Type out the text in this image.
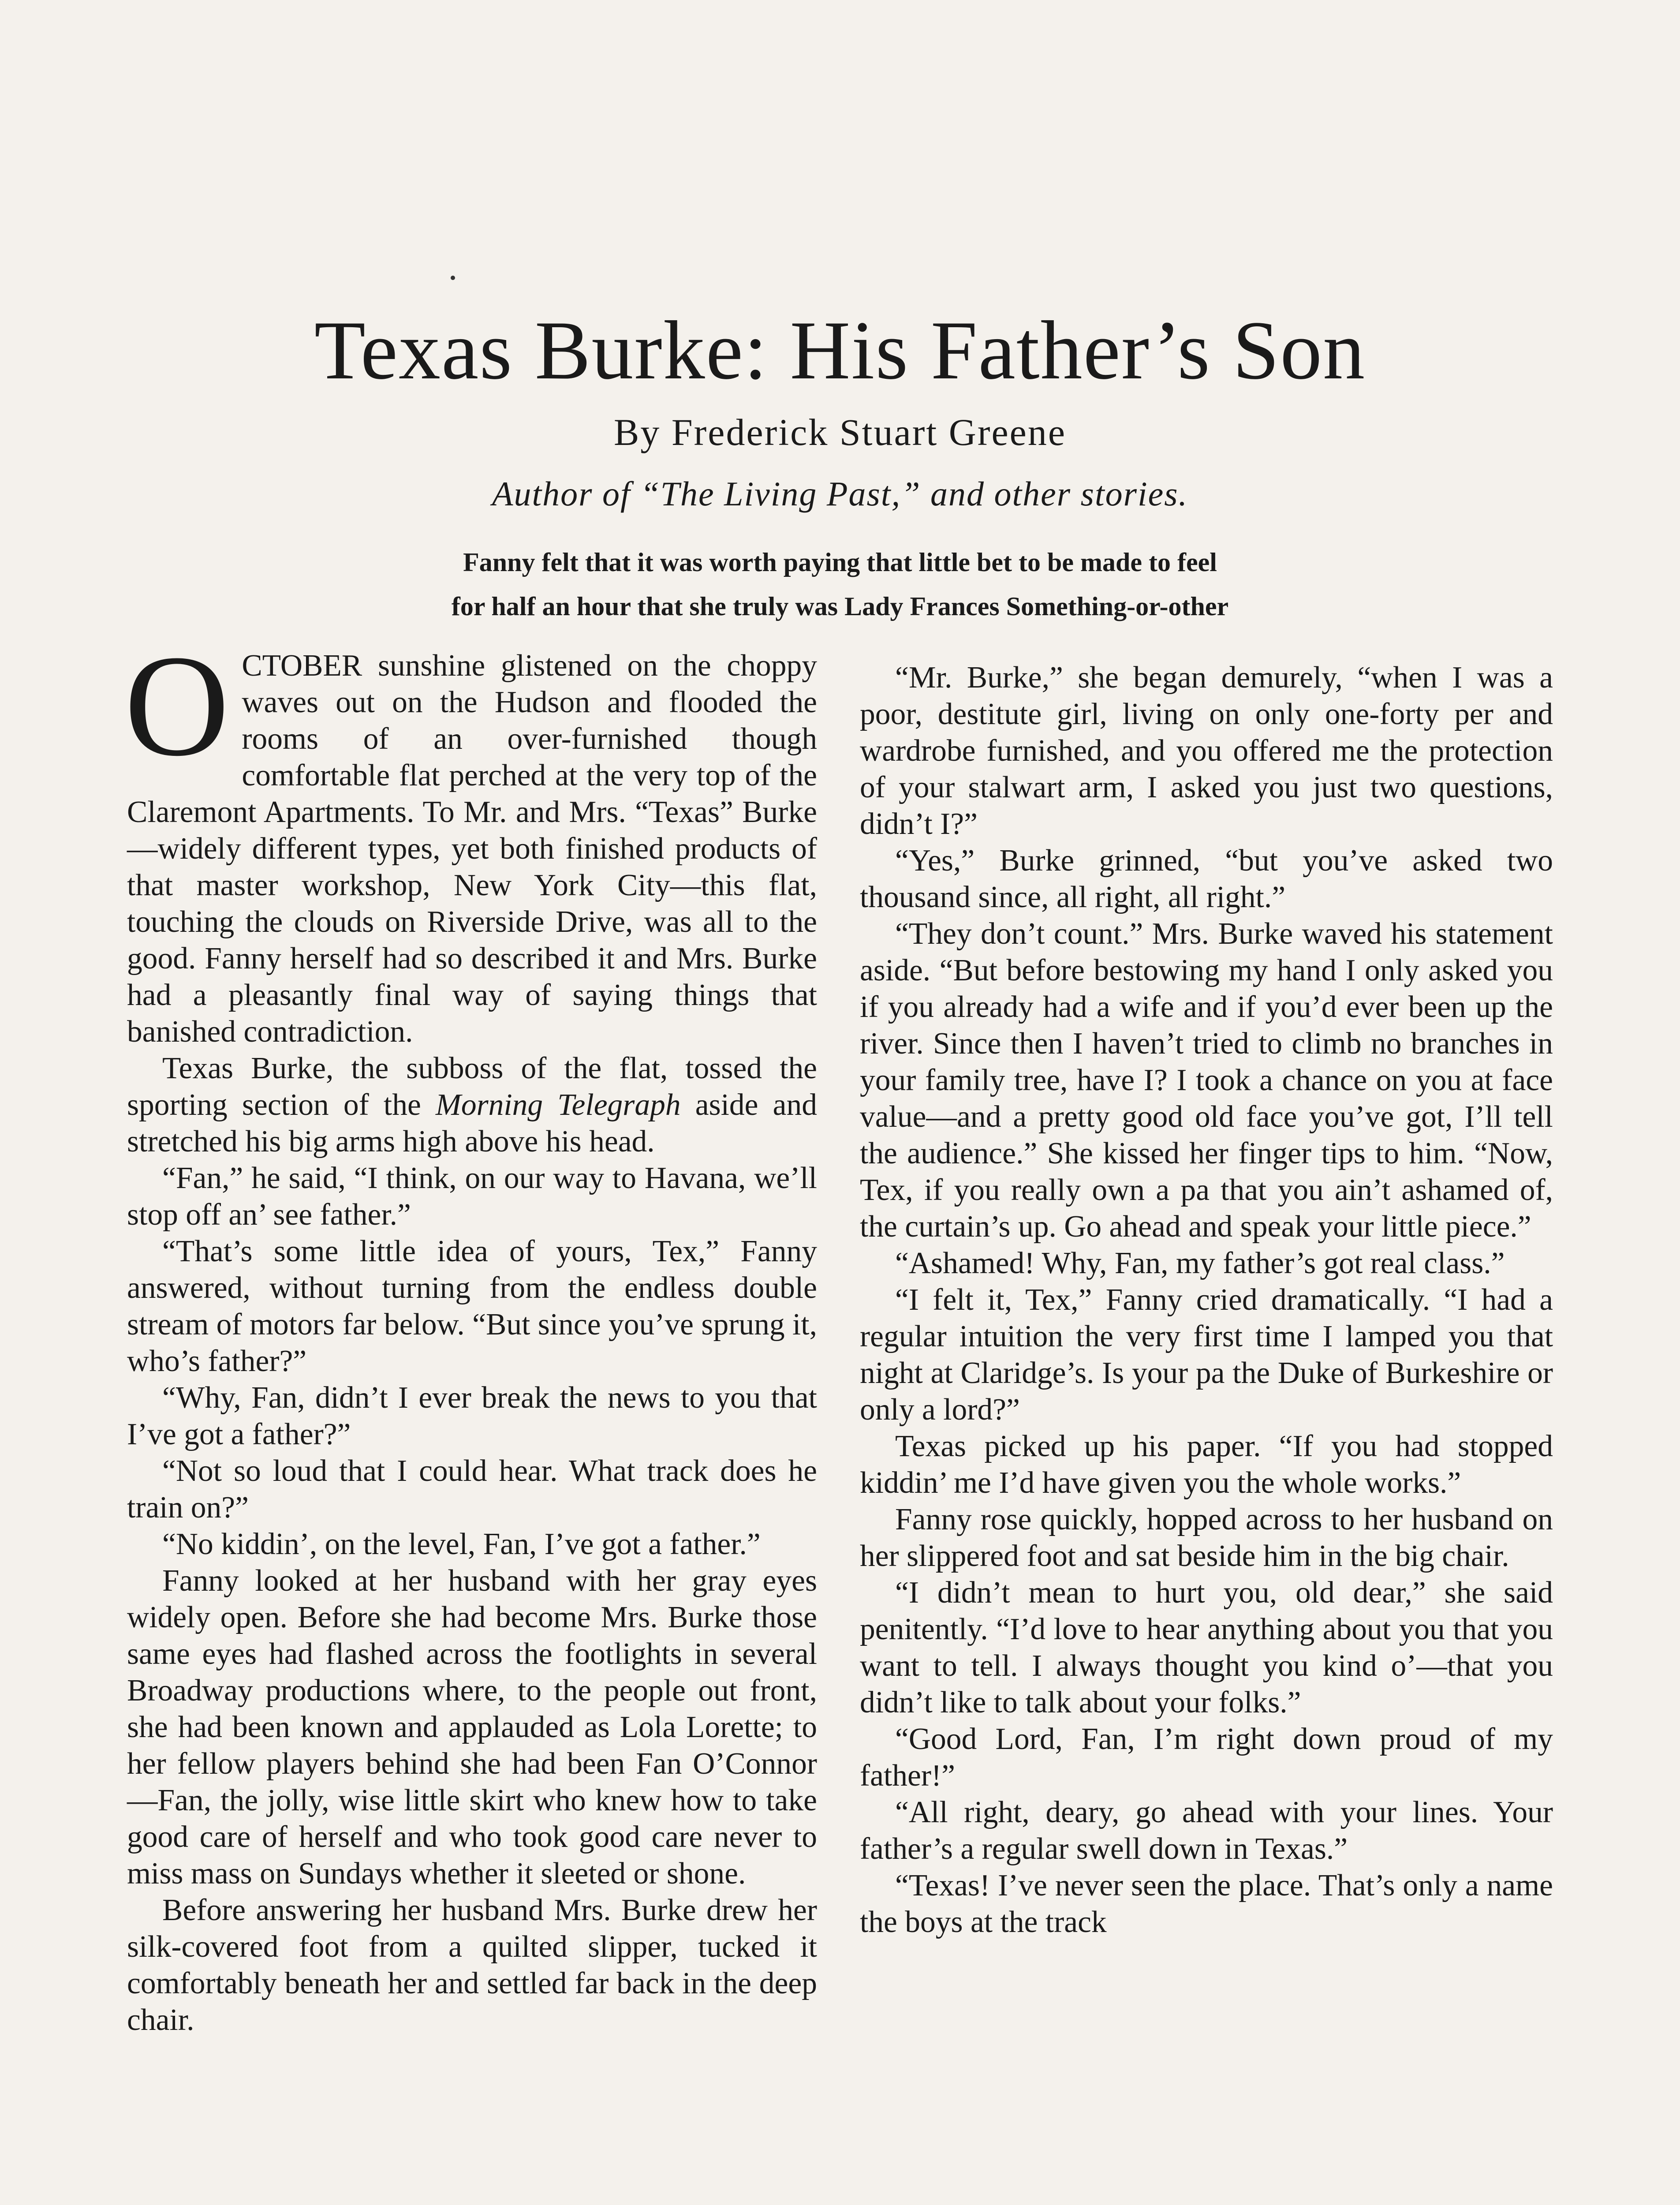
Texas Burke: His Father’s Son
By Frederick Stuart Greene
Author of “The Living Past,” and other stories.
Fanny felt that it was worth paying that little bet to be made to feel
for half an hour that she truly was Lady Frances Something-or-other

OCTOBER sunshine glistened on the choppy waves out on the Hudson and flooded the rooms of an over-furnished though comfortable flat perched at the very top of the Claremont Apartments. To Mr. and Mrs. “Texas” Burke—widely different types, yet both finished products of that master workshop, New York City—this flat, touching the clouds on Riverside Drive, was all to the good. Fanny herself had so described it and Mrs. Burke had a pleasantly final way of saying things that banished contradiction.

Texas Burke, the subboss of the flat, tossed the sporting section of the Morning Telegraph aside and stretched his big arms high above his head.

“Fan,” he said, “I think, on our way to Havana, we’ll stop off an’ see father.”

“That’s some little idea of yours, Tex,” Fanny answered, without turning from the endless double stream of motors far below. “But since you’ve sprung it, who’s father?”

“Why, Fan, didn’t I ever break the news to you that I’ve got a father?”

“Not so loud that I could hear. What track does he train on?”

“No kiddin’, on the level, Fan, I’ve got a father.”

Fanny looked at her husband with her gray eyes widely open. Before she had become Mrs. Burke those same eyes had flashed across the footlights in several Broadway productions where, to the people out front, she had been known and applauded as Lola Lorette; to her fellow players behind she had been Fan O’Connor—Fan, the jolly, wise little skirt who knew how to take good care of herself and who took good care never to miss mass on Sundays whether it sleeted or shone.

Before answering her husband Mrs. Burke drew her silk-covered foot from a quilted slipper, tucked it comfortably beneath her and settled far back in the deep chair.

“Mr. Burke,” she began demurely, “when I was a poor, destitute girl, living on only one-forty per and wardrobe furnished, and you offered me the protection of your stalwart arm, I asked you just two questions, didn’t I?”

“Yes,” Burke grinned, “but you’ve asked two thousand since, all right, all right.”

“They don’t count.” Mrs. Burke waved his statement aside. “But before bestowing my hand I only asked you if you already had a wife and if you’d ever been up the river. Since then I haven’t tried to climb no branches in your family tree, have I? I took a chance on you at face value—and a pretty good old face you’ve got, I’ll tell the audience.” She kissed her finger tips to him. “Now, Tex, if you really own a pa that you ain’t ashamed of, the curtain’s up. Go ahead and speak your little piece.”

“Ashamed! Why, Fan, my father’s got real class.”

“I felt it, Tex,” Fanny cried dramatically. “I had a regular intuition the very first time I lamped you that night at Claridge’s. Is your pa the Duke of Burkeshire or only a lord?”

Texas picked up his paper. “If you had stopped kiddin’ me I’d have given you the whole works.”

Fanny rose quickly, hopped across to her husband on her slippered foot and sat beside him in the big chair.

“I didn’t mean to hurt you, old dear,” she said penitently. “I’d love to hear anything about you that you want to tell. I always thought you kind o’—that you didn’t like to talk about your folks.”

“Good Lord, Fan, I’m right down proud of my father!”

“All right, deary, go ahead with your lines. Your father’s a regular swell down in Texas.”

“Texas! I’ve never seen the place. That’s only a name the boys at the track
